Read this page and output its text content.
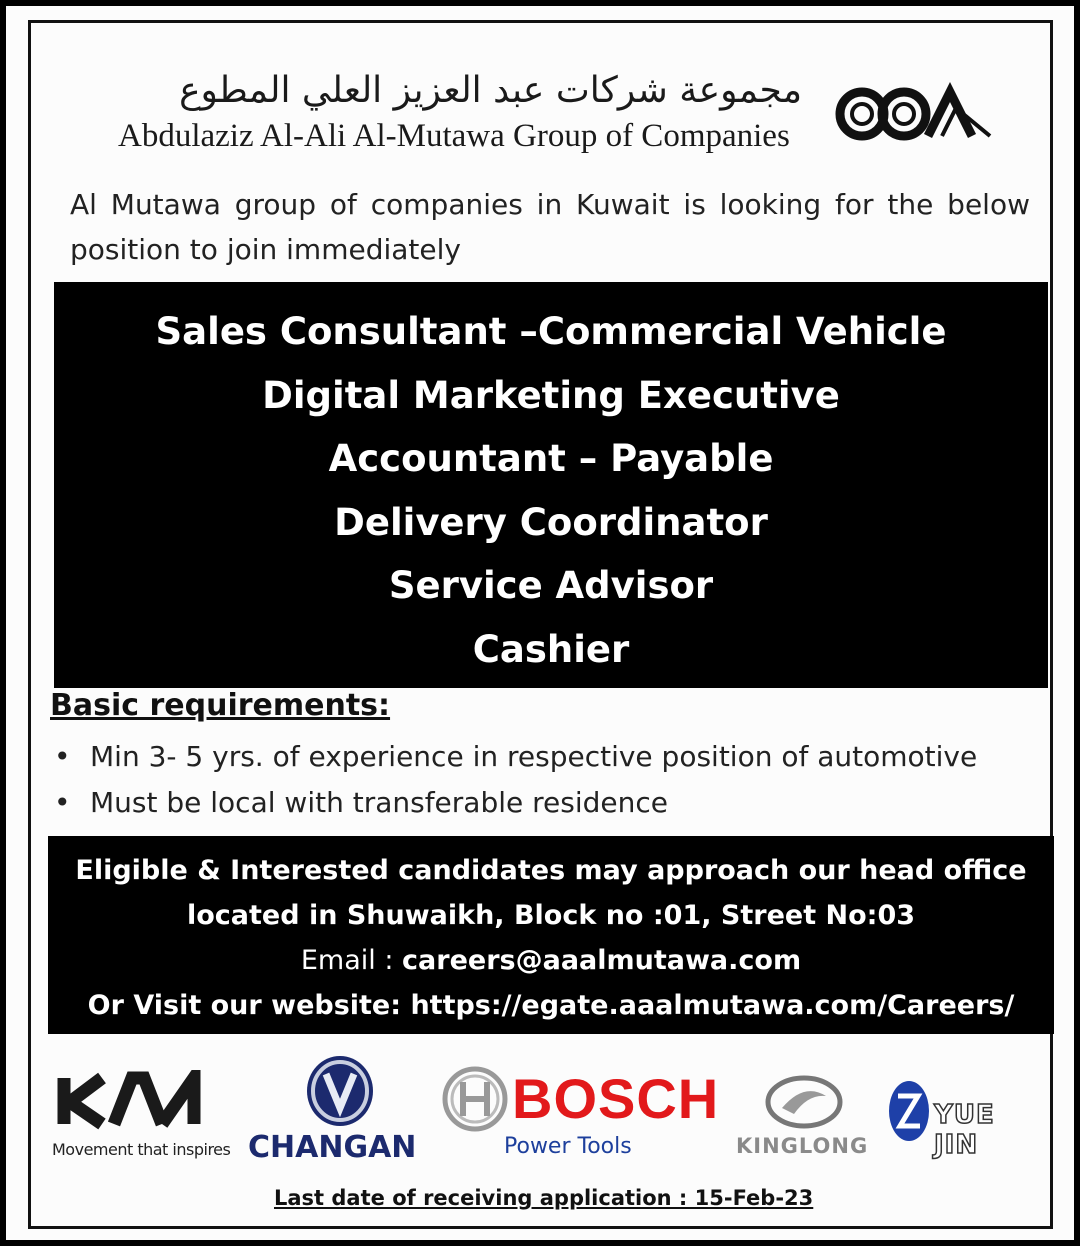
مجموعة شركات عبد العزيز العلي المطوع
Abdulaziz Al-Ali Al-Mutawa Group of Companies
Al Mutawa group of companies in Kuwait is looking for the below position to join immediately
Sales Consultant –Commercial Vehicle
Digital Marketing Executive
Accountant – Payable
Delivery Coordinator
Service Advisor
Cashier
Basic requirements:
• Min 3- 5 yrs. of experience in respective position of automotive
• Must be local with transferable residence
Eligible & Interested candidates may approach our head office
located in Shuwaikh, Block no :01, Street No:03
Email : careers@aaalmutawa.com
Or Visit our website: https://egate.aaalmutawa.com/Careers/
Movement that inspires CHANGAN
BOSCH
Power Tools	KINGLONG
YUE JIN
Last date of receiving application : 15-Feb-23
